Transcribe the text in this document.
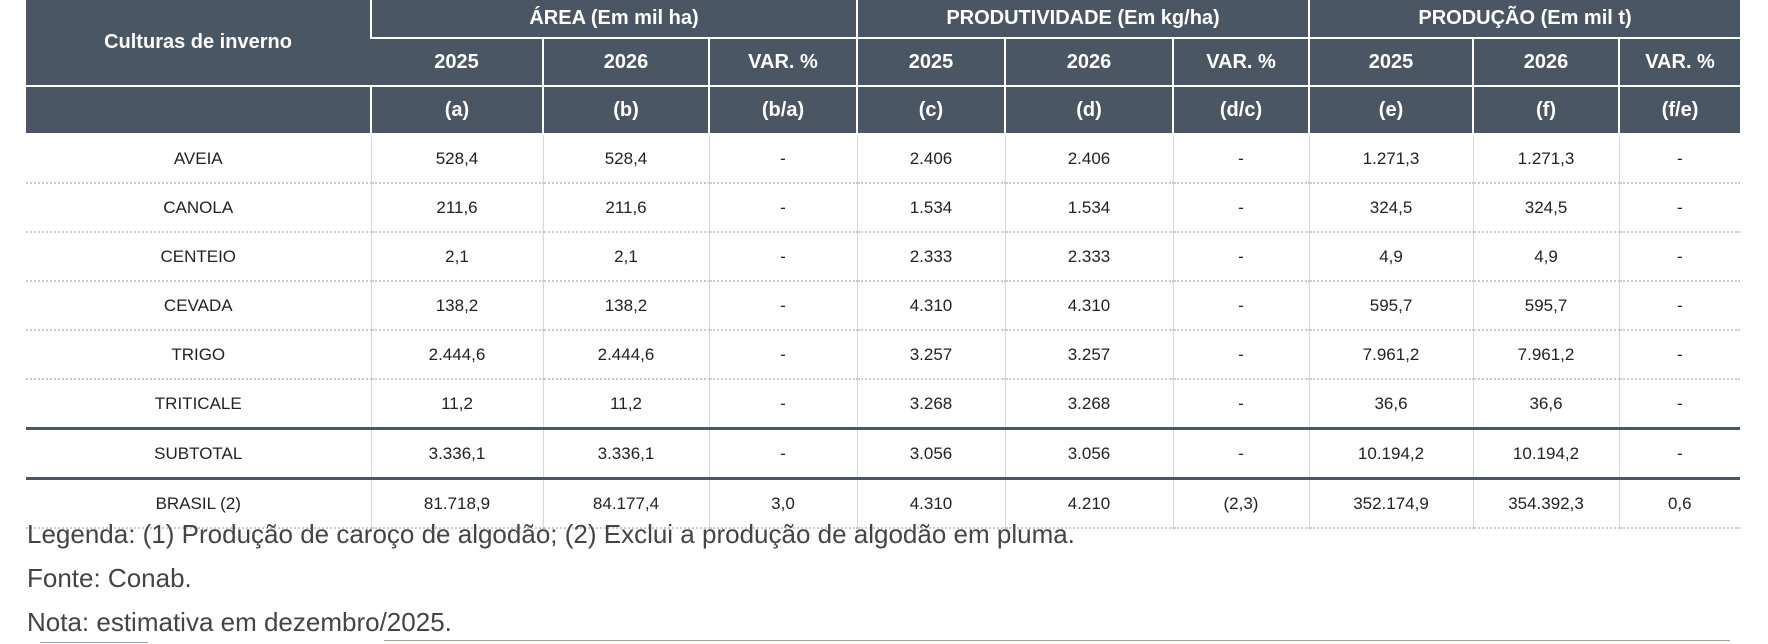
Culturas de inverno	ÁREA (Em mil ha)			PRODUTIVIDADE (Em kg/ha)			PRODUÇÃO (Em mil t)		
	2025	2026	VAR. %	2025	2026	VAR. %	2025	2026	VAR. %
	(a)	(b)	(b/a)	(c)	(d)	(d/c)	(e)	(f)	(f/e)
AVEIA	528,4	528,4	-	2.406	2.406	-	1.271,3	1.271,3	-
CANOLA	211,6	211,6	-	1.534	1.534	-	324,5	324,5	-
CENTEIO	2,1	2,1	-	2.333	2.333	-	4,9	4,9	-
CEVADA	138,2	138,2	-	4.310	4.310	-	595,7	595,7	-
TRIGO	2.444,6	2.444,6	-	3.257	3.257	-	7.961,2	7.961,2	-
TRITICALE	11,2	11,2	-	3.268	3.268	-	36,6	36,6	-
SUBTOTAL	3.336,1	3.336,1	-	3.056	3.056	-	10.194,2	10.194,2	-
BRASIL (2)	81.718,9	84.177,4	3,0	4.310	4.210	(2,3)	352.174,9	354.392,3	0,6
Legenda: (1) Produção de caroço de algodão; (2) Exclui a produção de algodão em pluma.
Fonte: Conab.
Nota: estimativa em dezembro/2025.
